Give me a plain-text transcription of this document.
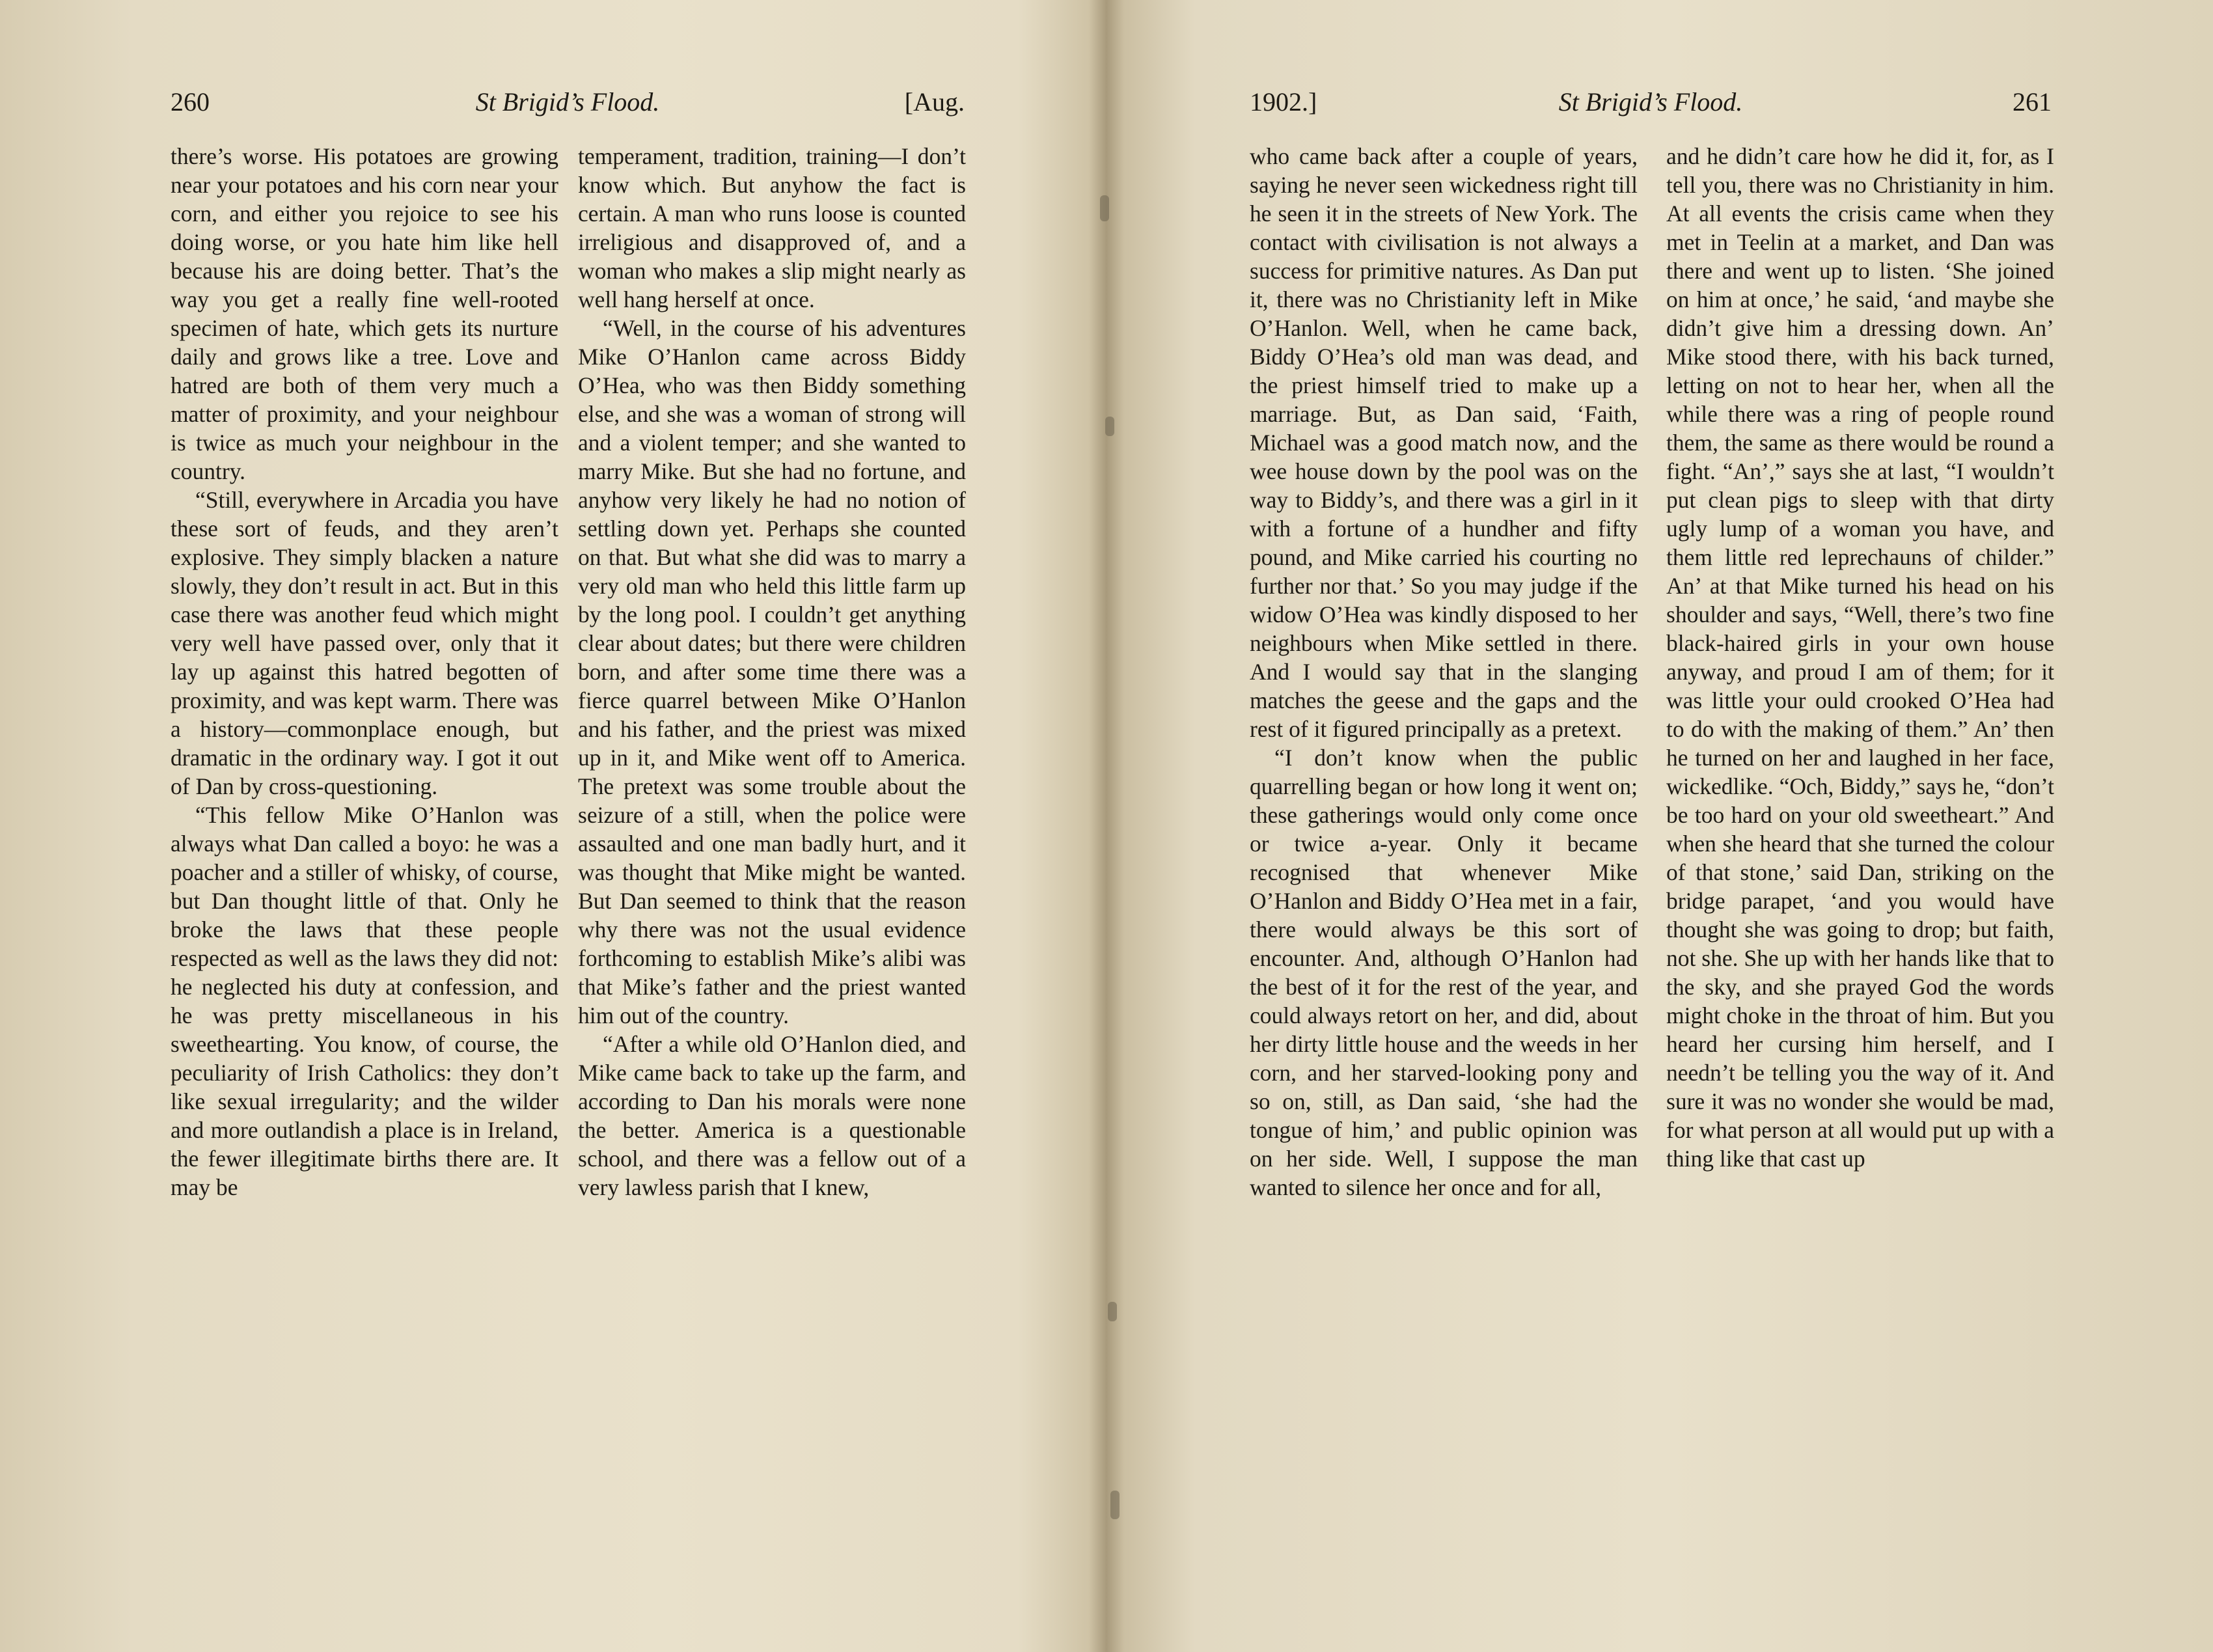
260	St Brigid’s Flood.	[Aug.

there’s worse. His potatoes are growing near your potatoes and his corn near your corn, and either you rejoice to see his doing worse, or you hate him like hell because his are doing better. That’s the way you get a really fine well-rooted specimen of hate, which gets its nurture daily and grows like a tree. Love and hatred are both of them very much a matter of proximity, and your neighbour is twice as much your neighbour in the country.

“Still, everywhere in Arcadia you have these sort of feuds, and they aren’t explosive. They simply blacken a nature slowly, they don’t result in act. But in this case there was another feud which might very well have passed over, only that it lay up against this hatred begotten of proximity, and was kept warm. There was a history—commonplace enough, but dramatic in the ordinary way. I got it out of Dan by cross-questioning.

“This fellow Mike O’Hanlon was always what Dan called a boyo: he was a poacher and a stiller of whisky, of course, but Dan thought little of that. Only he broke the laws that these people respected as well as the laws they did not: he neglected his duty at confession, and he was pretty miscellaneous in his sweethearting. You know, of course, the peculiarity of Irish Catholics: they don’t like sexual irregularity; and the wilder and more outlandish a place is in Ireland, the fewer illegitimate births there are. It may be

temperament, tradition, training—I don’t know which. But anyhow the fact is certain. A man who runs loose is counted irreligious and disapproved of, and a woman who makes a slip might nearly as well hang herself at once.

“Well, in the course of his adventures Mike O’Hanlon came across Biddy O’Hea, who was then Biddy something else, and she was a woman of strong will and a violent temper; and she wanted to marry Mike. But she had no fortune, and anyhow very likely he had no notion of settling down yet. Perhaps she counted on that. But what she did was to marry a very old man who held this little farm up by the long pool. I couldn’t get anything clear about dates; but there were children born, and after some time there was a fierce quarrel between Mike O’Hanlon and his father, and the priest was mixed up in it, and Mike went off to America. The pretext was some trouble about the seizure of a still, when the police were assaulted and one man badly hurt, and it was thought that Mike might be wanted. But Dan seemed to think that the reason why there was not the usual evidence forthcoming to establish Mike’s alibi was that Mike’s father and the priest wanted him out of the country.

“After a while old O’Hanlon died, and Mike came back to take up the farm, and according to Dan his morals were none the better. America is a questionable school, and there was a fellow out of a very lawless parish that I knew,

1902.]	St Brigid’s Flood.	261

who came back after a couple of years, saying he never seen wickedness right till he seen it in the streets of New York. The contact with civilisation is not always a success for primitive natures. As Dan put it, there was no Christianity left in Mike O’Hanlon. Well, when he came back, Biddy O’Hea’s old man was dead, and the priest himself tried to make up a marriage. But, as Dan said, ‘Faith, Michael was a good match now, and the wee house down by the pool was on the way to Biddy’s, and there was a girl in it with a fortune of a hundher and fifty pound, and Mike carried his courting no further nor that.’ So you may judge if the widow O’Hea was kindly disposed to her neighbours when Mike settled in there. And I would say that in the slanging matches the geese and the gaps and the rest of it figured principally as a pretext.

“I don’t know when the public quarrelling began or how long it went on; these gatherings would only come once or twice a-year. Only it became recognised that whenever Mike O’Hanlon and Biddy O’Hea met in a fair, there would always be this sort of encounter. And, although O’Hanlon had the best of it for the rest of the year, and could always retort on her, and did, about her dirty little house and the weeds in her corn, and her starved-looking pony and so on, still, as Dan said, ‘she had the tongue of him,’ and public opinion was on her side. Well, I suppose the man wanted to silence her once and for all,

and he didn’t care how he did it, for, as I tell you, there was no Christianity in him. At all events the crisis came when they met in Teelin at a market, and Dan was there and went up to listen. ‘She joined on him at once,’ he said, ‘and maybe she didn’t give him a dressing down. An’ Mike stood there, with his back turned, letting on not to hear her, when all the while there was a ring of people round them, the same as there would be round a fight. “An’,” says she at last, “I wouldn’t put clean pigs to sleep with that dirty ugly lump of a woman you have, and them little red leprechauns of childer.” An’ at that Mike turned his head on his shoulder and says, “Well, there’s two fine black-haired girls in your own house anyway, and proud I am of them; for it was little your ould crooked O’Hea had to do with the making of them.” An’ then he turned on her and laughed in her face, wickedlike. “Och, Biddy,” says he, “don’t be too hard on your old sweetheart.” And when she heard that she turned the colour of that stone,’ said Dan, striking on the bridge parapet, ‘and you would have thought she was going to drop; but faith, not she. She up with her hands like that to the sky, and she prayed God the words might choke in the throat of him. But you heard her cursing him herself, and I needn’t be telling you the way of it. And sure it was no wonder she would be mad, for what person at all would put up with a thing like that cast up
